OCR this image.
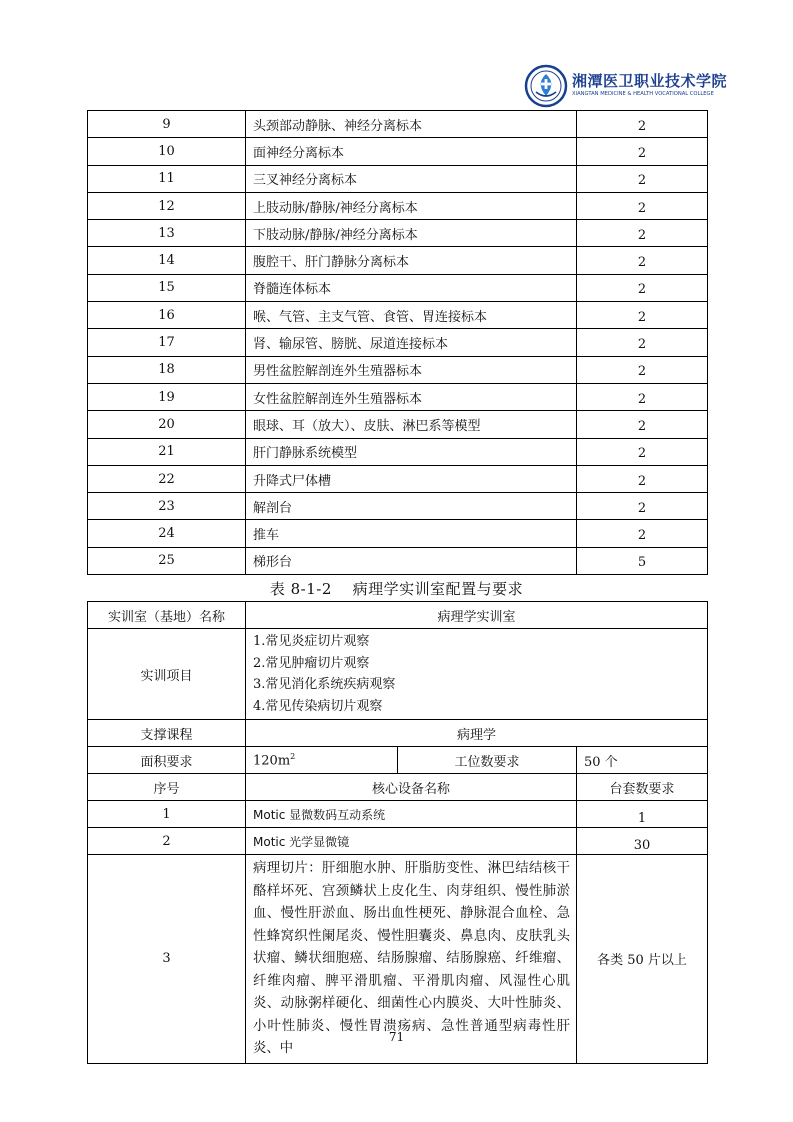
湘潭医卫职业技术学院
XIANGTAN MEDICINE & HEALTH VOCATIONAL COLLEGE
9	头颈部动静脉、神经分离标本	2
10	面神经分离标本	2
11	三叉神经分离标本	2
12	上肢动脉/静脉/神经分离标本	2
13	下肢动脉/静脉/神经分离标本	2
14	腹腔干、肝门静脉分离标本	2
15	脊髓连体标本	2
16	喉、气管、主支气管、食管、胃连接标本	2
17	肾、输尿管、膀胱、尿道连接标本	2
18	男性盆腔解剖连外生殖器标本	2
19	女性盆腔解剖连外生殖器标本	2
20	眼球、耳（放大）、皮肤、淋巴系等模型	2
21	肝门静脉系统模型	2
22	升降式尸体槽	2
23	解剖台	2
24	推车	2
25	梯形台	5
表 8-1-2　 病理学实训室配置与要求
实训室（基地）名称	病理学实训室		
实训项目	1.常见炎症切片观察
2.常见肿瘤切片观察
3.常见消化系统疾病观察
4.常见传染病切片观察		

支撑课程	病理学		
面积要求	$120m^2$	工位数要求	50 个
序号	核心设备名称		台套数要求
1	Motic 显微数码互动系统		1
2	Motic 光学显微镜		30
3	病理切片：肝细胞水肿、肝脂肪变性、淋巴结结核干酪样坏死、宫颈鳞状上皮化生、肉芽组织、慢性肺淤血、慢性肝淤血、肠出血性梗死、静脉混合血栓、急性蜂窝织性阑尾炎、慢性胆囊炎、鼻息肉、皮肤乳头状瘤、鳞状细胞癌、结肠腺瘤、结肠腺癌、纤维瘤、纤维肉瘤、脾平滑肌瘤、平滑肌肉瘤、风湿性心肌炎、动脉粥样硬化、细菌性心内膜炎、大叶性肺炎、小叶性肺炎、慢性胃溃疡病、急性普通型病毒性肝炎、中		各类 50 片以上
71
